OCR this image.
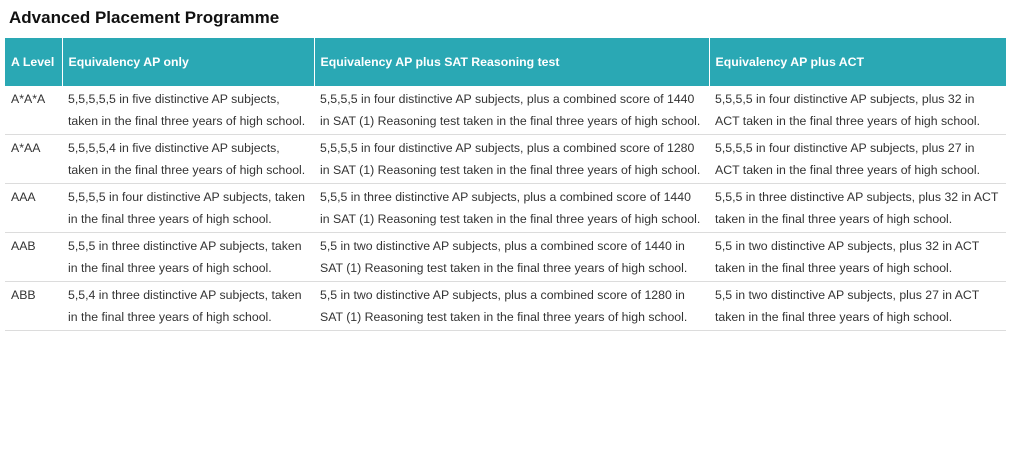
Advanced Placement Programme
A Level	Equivalency AP only	Equivalency AP plus SAT Reasoning test	Equivalency AP plus ACT
A*A*A	5,5,5,5,5 in five distinctive AP subjects, taken in the final three years of high school.	5,5,5,5 in four distinctive AP subjects, plus a combined score of 1440 in SAT (1) Reasoning test taken in the final three years of high school.	5,5,5,5 in four distinctive AP subjects, plus 32 in ACT taken in the final three years of high school.
A*AA	5,5,5,5,4 in five distinctive AP subjects, taken in the final three years of high school.	5,5,5,5 in four distinctive AP subjects, plus a combined score of 1280 in SAT (1) Reasoning test taken in the final three years of high school.	5,5,5,5 in four distinctive AP subjects, plus 27 in ACT taken in the final three years of high school.
AAA	5,5,5,5 in four distinctive AP subjects, taken in the final three years of high school.	5,5,5 in three distinctive AP subjects, plus a combined score of 1440 in SAT (1) Reasoning test taken in the final three years of high school.	5,5,5 in three distinctive AP subjects, plus 32 in ACT taken in the final three years of high school.
AAB	5,5,5 in three distinctive AP subjects, taken in the final three years of high school.	5,5 in two distinctive AP subjects, plus a combined score of 1440 in SAT (1) Reasoning test taken in the final three years of high school.	5,5 in two distinctive AP subjects, plus 32 in ACT taken in the final three years of high school.
ABB	5,5,4 in three distinctive AP subjects, taken in the final three years of high school.	5,5 in two distinctive AP subjects, plus a combined score of 1280 in SAT (1) Reasoning test taken in the final three years of high school.	5,5 in two distinctive AP subjects, plus 27 in ACT taken in the final three years of high school.
